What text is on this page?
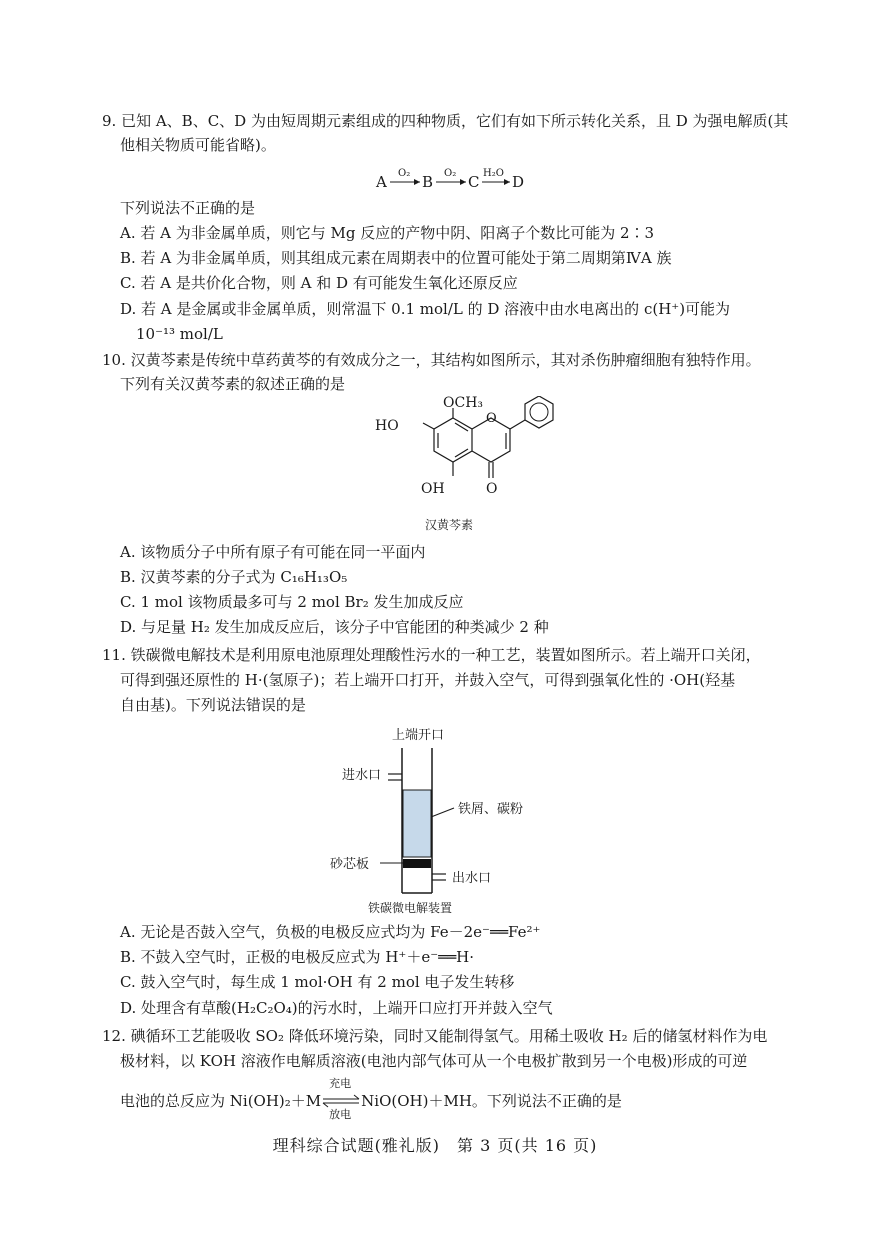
9. 已知 A、B、C、D 为由短周期元素组成的四种物质，它们有如下所示转化关系，且 D 为强电解质(其
他相关物质可能省略)。
A O₂ B O₂ C H₂O D
下列说法不正确的是
A. 若 A 为非金属单质，则它与 Mg 反应的产物中阴、阳离子个数比可能为 2∶3
B. 若 A 为非金属单质，则其组成元素在周期表中的位置可能处于第二周期第ⅣA 族
C. 若 A 是共价化合物，则 A 和 D 有可能发生氧化还原反应
D. 若 A 是金属或非金属单质，则常温下 0.1 mol/L 的 D 溶液中由水电离出的 c(H⁺)可能为
10⁻¹³ mol/L
10. 汉黄芩素是传统中草药黄芩的有效成分之一，其结构如图所示，其对杀伤肿瘤细胞有独特作用。
下列有关汉黄芩素的叙述正确的是
OCH₃
HO	O
OH	O
汉黄芩素
A. 该物质分子中所有原子有可能在同一平面内
B. 汉黄芩素的分子式为 C₁₆H₁₃O₅
C. 1 mol 该物质最多可与 2 mol Br₂ 发生加成反应
D. 与足量 H₂ 发生加成反应后，该分子中官能团的种类减少 2 种
11. 铁碳微电解技术是利用原电池原理处理酸性污水的一种工艺，装置如图所示。若上端开口关闭，
可得到强还原性的 H·(氢原子)；若上端开口打开，并鼓入空气，可得到强氧化性的 ·OH(羟基
自由基)。下列说法错误的是
上端开口
进水口
铁屑、碳粉
砂芯板
出水口
铁碳微电解装置
A. 无论是否鼓入空气，负极的电极反应式均为 Fe－2e⁻══Fe²⁺
B. 不鼓入空气时，正极的电极反应式为 H⁺＋e⁻══H·
C. 鼓入空气时，每生成 1 mol·OH 有 2 mol 电子发生转移
D. 处理含有草酸(H₂C₂O₄)的污水时，上端开口应打开并鼓入空气
12. 碘循环工艺能吸收 SO₂ 降低环境污染，同时又能制得氢气。用稀土吸收 H₂ 后的储氢材料作为电
极材料，以 KOH 溶液作电解质溶液(电池内部气体可从一个电极扩散到另一个电极)形成的可逆
电池的总反应为 Ni(OH)₂＋M
充电
放电
NiO(OH)＋MH。下列说法不正确的是
理科综合试题(雅礼版)　第 3 页(共 16 页)
